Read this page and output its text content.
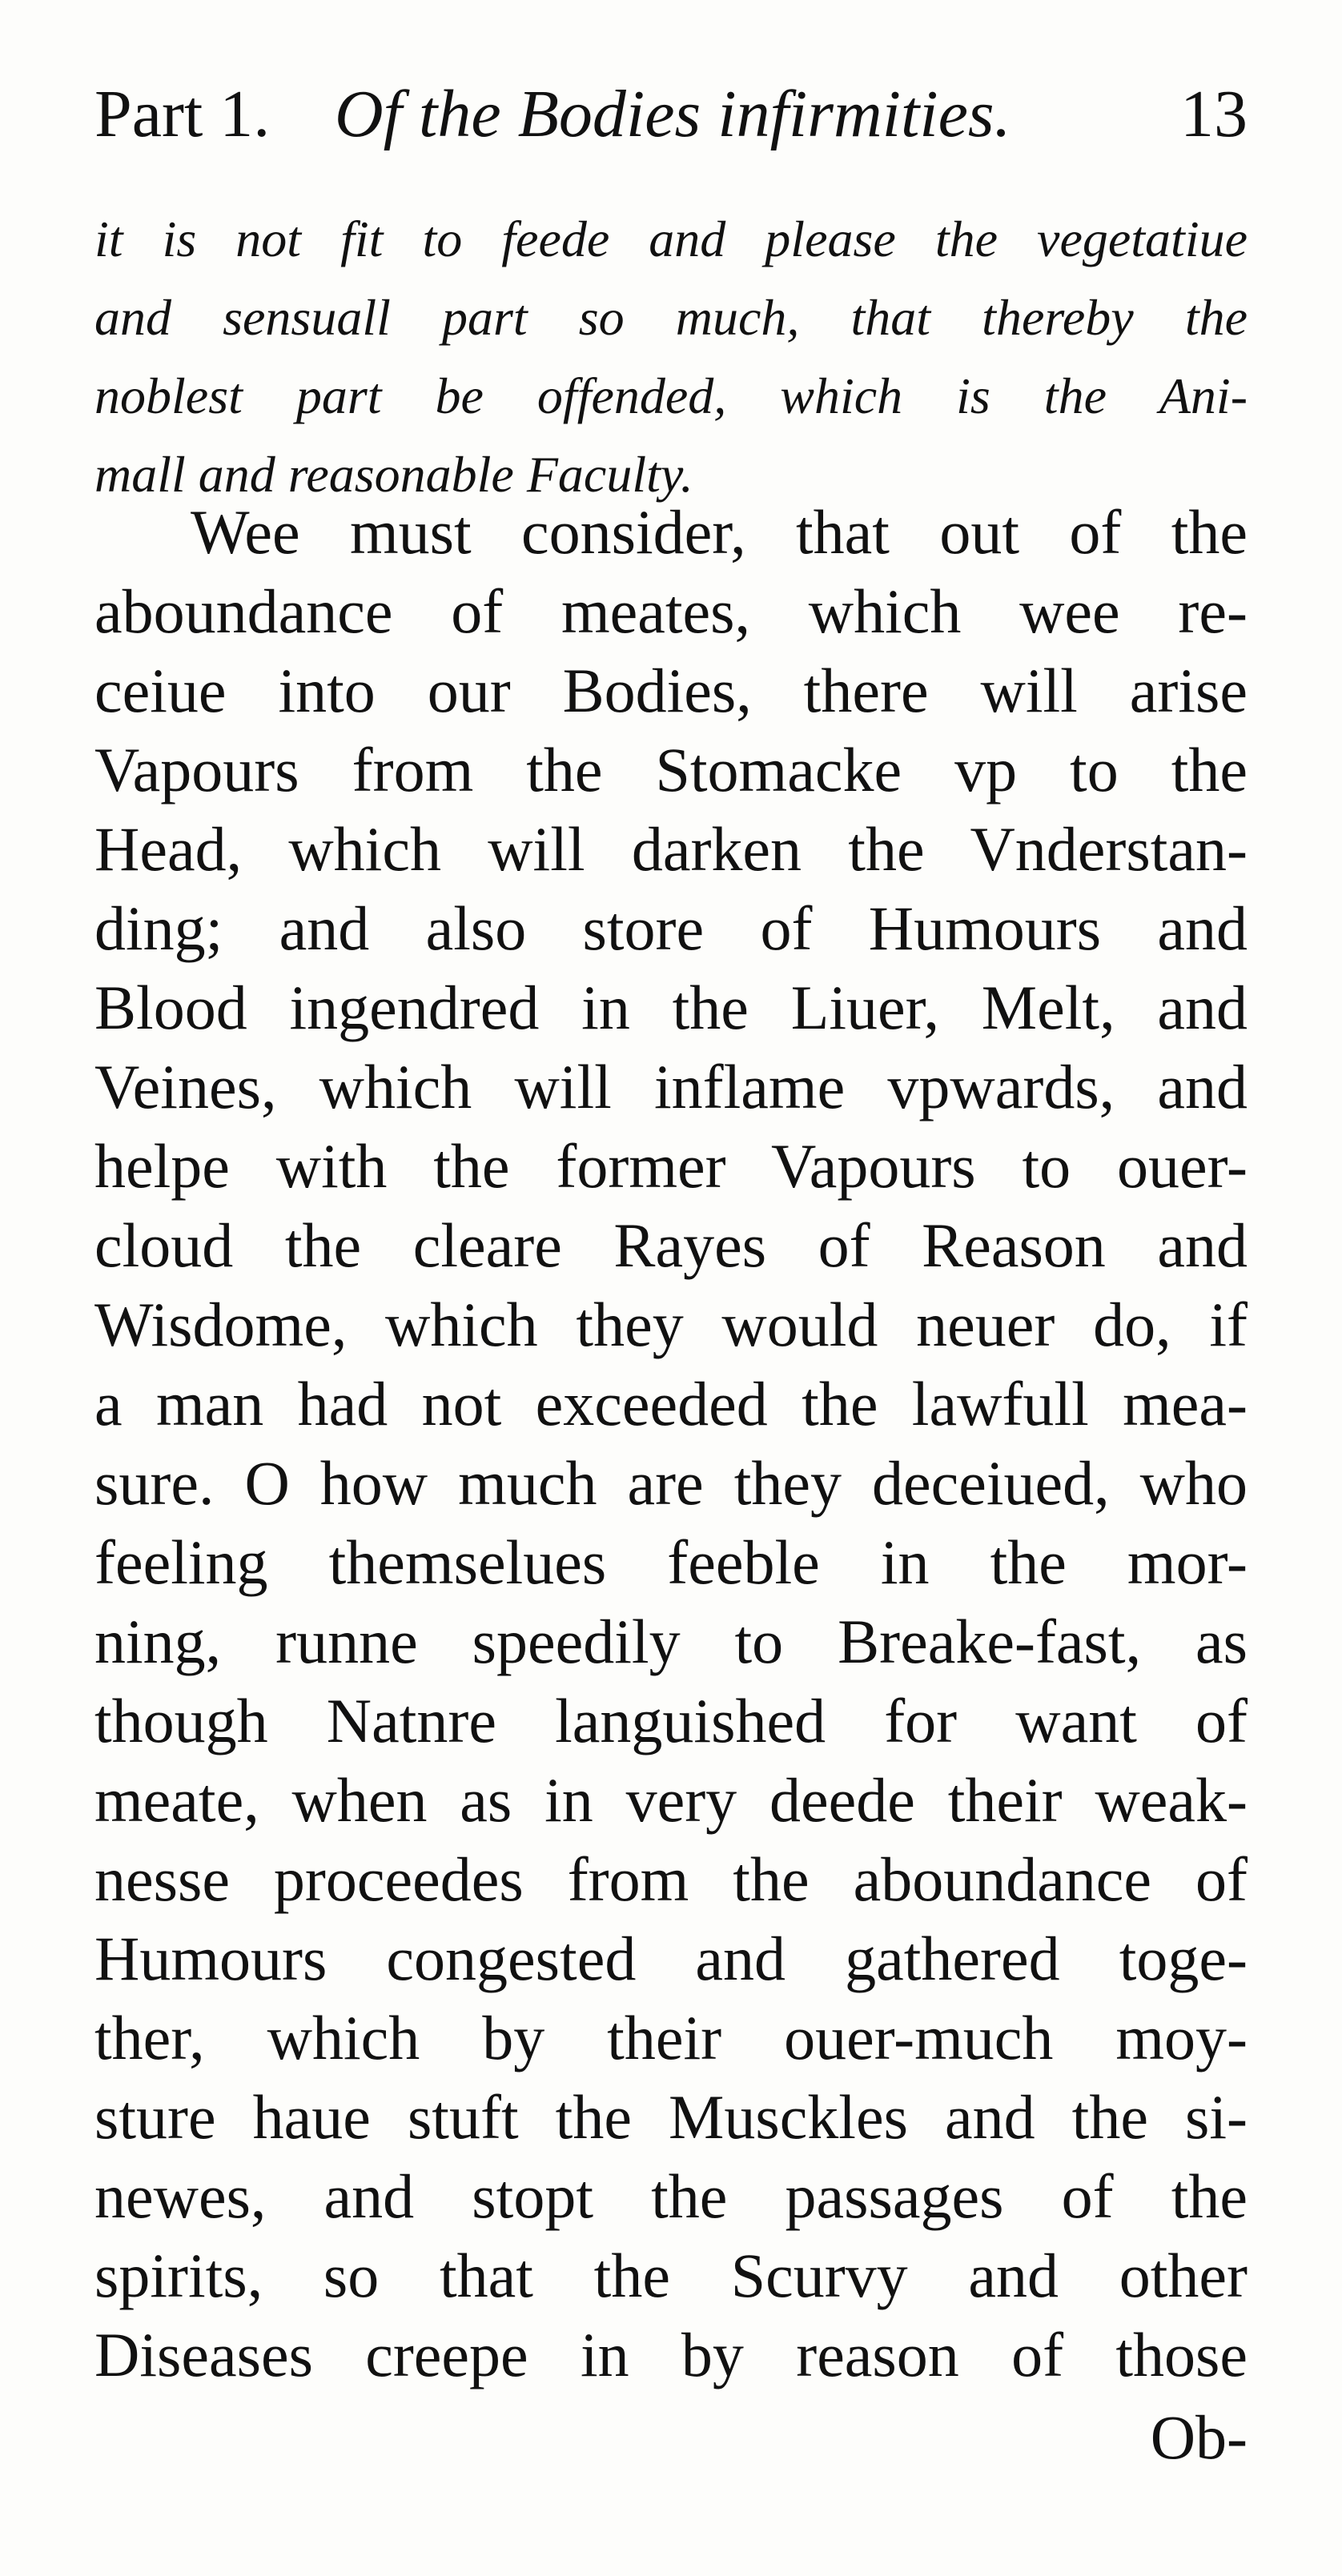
Part 1. Of the Bodies infirmities.	13
it is not fit to feede and please the vegetatiue
and sensuall part so much, that thereby the
noblest part be offended, which is the Ani-
mall and reasonable Faculty.
Wee must consider, that out of the
aboundance of meates, which wee re-
ceiue into our Bodies, there will arise
Vapours from the Stomacke vp to the
Head, which will darken the Vnderstan-
ding; and also store of Humours and
Blood ingendred in the Liuer, Melt, and
Veines, which will inflame vpwards, and
helpe with the former Vapours to ouer-
cloud the cleare Rayes of Reason and
Wisdome, which they would neuer do, if
a man had not exceeded the lawfull mea-
sure. O how much are they deceiued, who
feeling themselues feeble in the mor-
ning, runne speedily to Breake-fast, as
though Natnre languished for want of
meate, when as in very deede their weak-
nesse proceedes from the aboundance of
Humours congested and gathered toge-
ther, which by their ouer-much moy-
sture haue stuft the Musckles and the si-
newes, and stopt the passages of the
spirits, so that the Scurvy and other
Diseases creepe in by reason of those
Ob-
